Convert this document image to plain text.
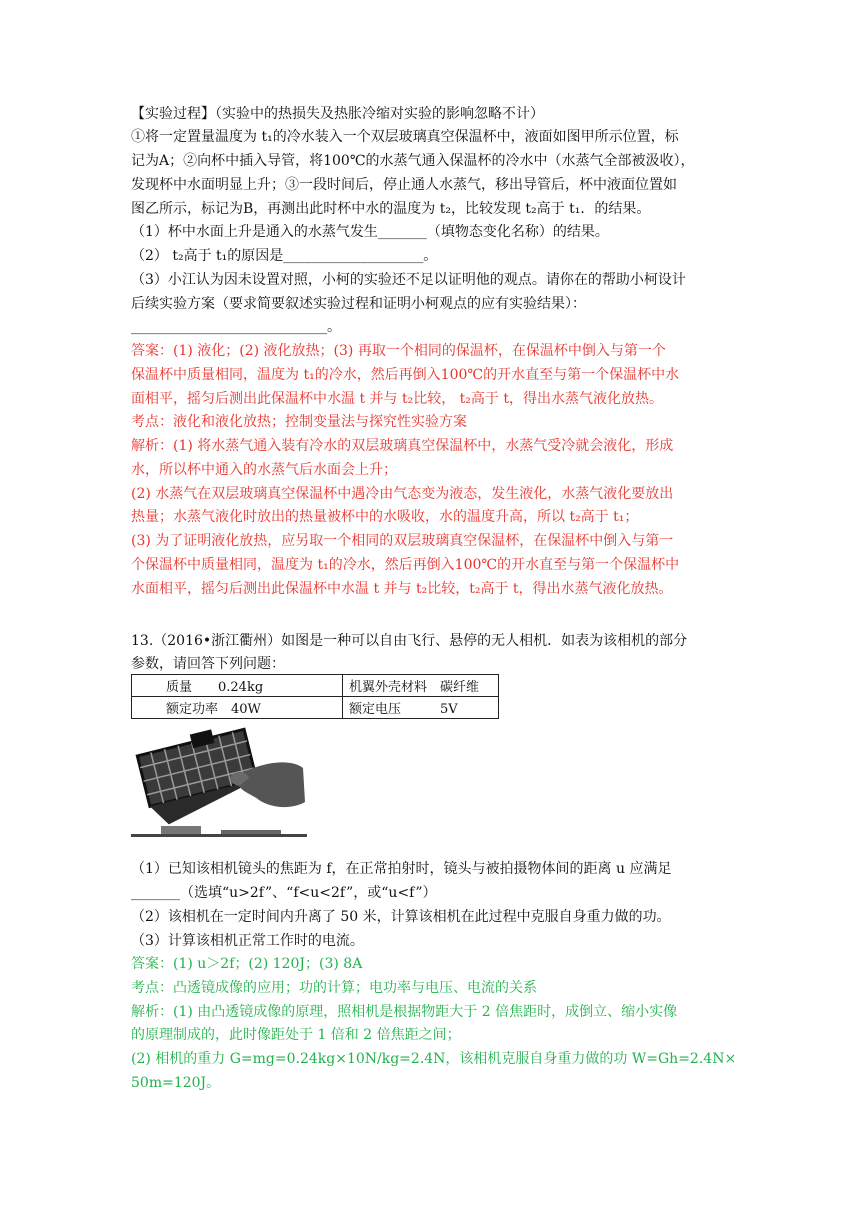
【实验过程】（实验中的热损失及热胀冷缩对实验的影响忽略不计）
①将一定置量温度为 t₁的冷水装入一个双层玻璃真空保温杯中，液面如图甲所示位置，标
记为A；②向杯中插入导管，将100℃的水蒸气通入保温杯的冷水中（水蒸气全部被汲收），
发现杯中水面明显上升；③一段时间后，停止通人水蒸气，移出导管后，杯中液面位置如
图乙所示，标记为B，再测出此时杯中水的温度为 t₂，比较发现 t₂高于 t₁．的结果。
（1）杯中水面上升是通入的水蒸气发生_______（填物态变化名称）的结果。
（2） t₂高于 t₁的原因是____________________。
（3）小江认为因未设置对照，小柯的实验还不足以证明他的观点。请你在的帮助小柯设计
后续实验方案（要求简要叙述实验过程和证明小柯观点的应有实验结果）：
____________________________。
答案：(1) 液化；(2) 液化放热；(3) 再取一个相同的保温杯，在保温杯中倒入与第一个
保温杯中质量相同，温度为 t₁的冷水，然后再倒入100℃的开水直至与第一个保温杯中水
面相平，摇匀后测出此保温杯中水温 t 并与 t₂比较， t₂高于 t，得出水蒸气液化放热。
考点：液化和液化放热；控制变量法与探究性实验方案
解析：(1) 将水蒸气通入装有冷水的双层玻璃真空保温杯中，水蒸气受冷就会液化，形成
水，所以杯中通入的水蒸气后水面会上升；
(2) 水蒸气在双层玻璃真空保温杯中遇冷由气态变为液态，发生液化，水蒸气液化要放出
热量；水蒸气液化时放出的热量被杯中的水吸收，水的温度升高，所以 t₂高于 t₁；
(3) 为了证明液化放热，应另取一个相同的双层玻璃真空保温杯，在保温杯中倒入与第一
个保温杯中质量相同，温度为 t₁的冷水，然后再倒入100℃的开水直至与第一个保温杯中
水面相平，摇匀后测出此保温杯中水温 t 并与 t₂比较，t₂高于 t，得出水蒸气液化放热。
13.（2016•浙江衢州）如图是一种可以自由飞行、悬停的无人相机．如表为该相机的部分
参数，请回答下列问题：
质量　　0.24kg	机翼外壳材料　碳纤维
额定功率　40W	额定电压　　　5V
（1）已知该相机镜头的焦距为 f，在正常拍射时，镜头与被拍摄物体间的距离 u 应满足
_______（选填“u>2f”、“f<u<2f”，或“u<f”）
（2）该相机在一定时间内升离了 50 米，计算该相机在此过程中克服自身重力做的功。
（3）计算该相机正常工作时的电流。
答案：(1) u＞2f；(2) 120J；(3) 8A
考点：凸透镜成像的应用；功的计算；电功率与电压、电流的关系
解析：(1) 由凸透镜成像的原理，照相机是根据物距大于 2 倍焦距时，成倒立、缩小实像
的原理制成的，此时像距处于 1 倍和 2 倍焦距之间；
(2) 相机的重力 G=mg=0.24kg×10N/kg=2.4N，该相机克服自身重力做的功 W=Gh=2.4N×
50m=120J。
